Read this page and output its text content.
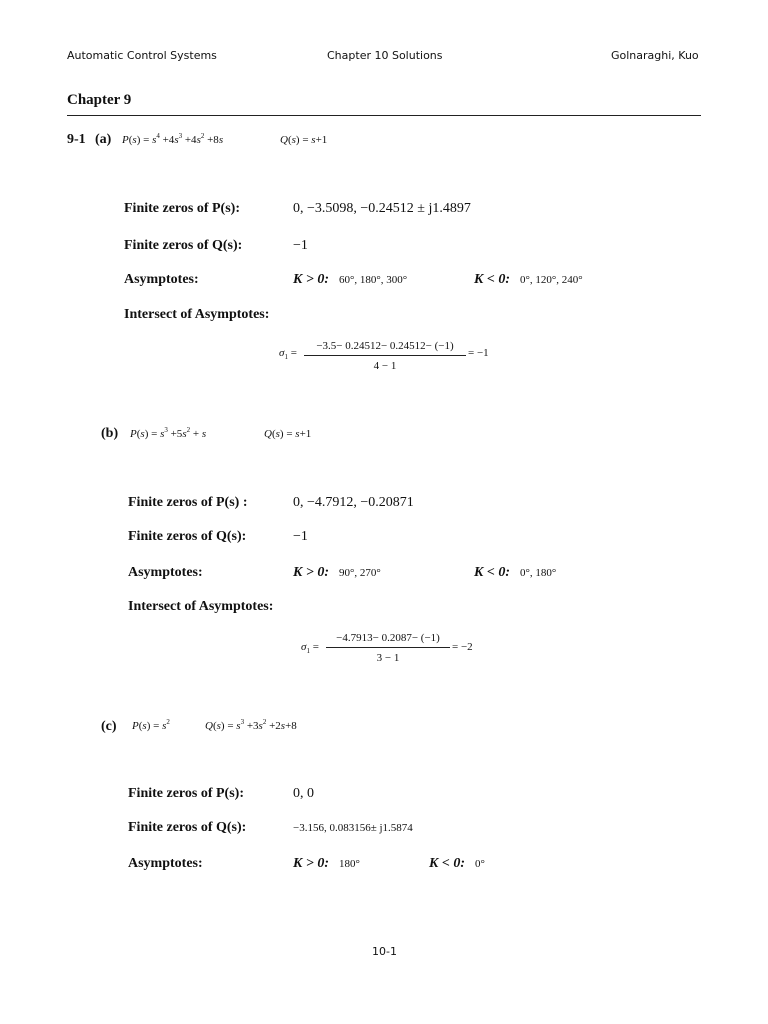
Automatic Control Systems	Chapter 10 Solutions	Golnaraghi, Kuo
Chapter 9
9-1 (a) $P(s) = s^4 +4s^3 +4s^2 +8s$	Q(s) = s+1
Finite zeros of P(s):	0, −3.5098, −0.24512 ± j1.4897
Finite zeros of Q(s):	−1
Asymptotes:	K > 0: 60°, 180°, 300°	K < 0: 0°, 120°, 240°
Intersect of Asymptotes:
$\sigma_1$ =
−3.5− 0.24512− 0.24512− (−1)
4 − 1
= −1
(b) $P(s) = s^3 +5s^2 + s$	Q(s) = s+1
Finite zeros of P(s) :	0, −4.7912, −0.20871
Finite zeros of Q(s):	−1
Asymptotes:	K > 0: 90°, 270°	K < 0: 0°, 180°
Intersect of Asymptotes:
$\sigma_1$ =
−4.7913− 0.2087− (−1)
3 − 1
= −2
(c) $P(s) = s^2$	$Q(s) = s^3 +3s^2 +2s+8$
Finite zeros of P(s):	0, 0
Finite zeros of Q(s):	−3.156, 0.083156± j1.5874
Asymptotes:	K > 0: 180°	K < 0: 0°
10-1
